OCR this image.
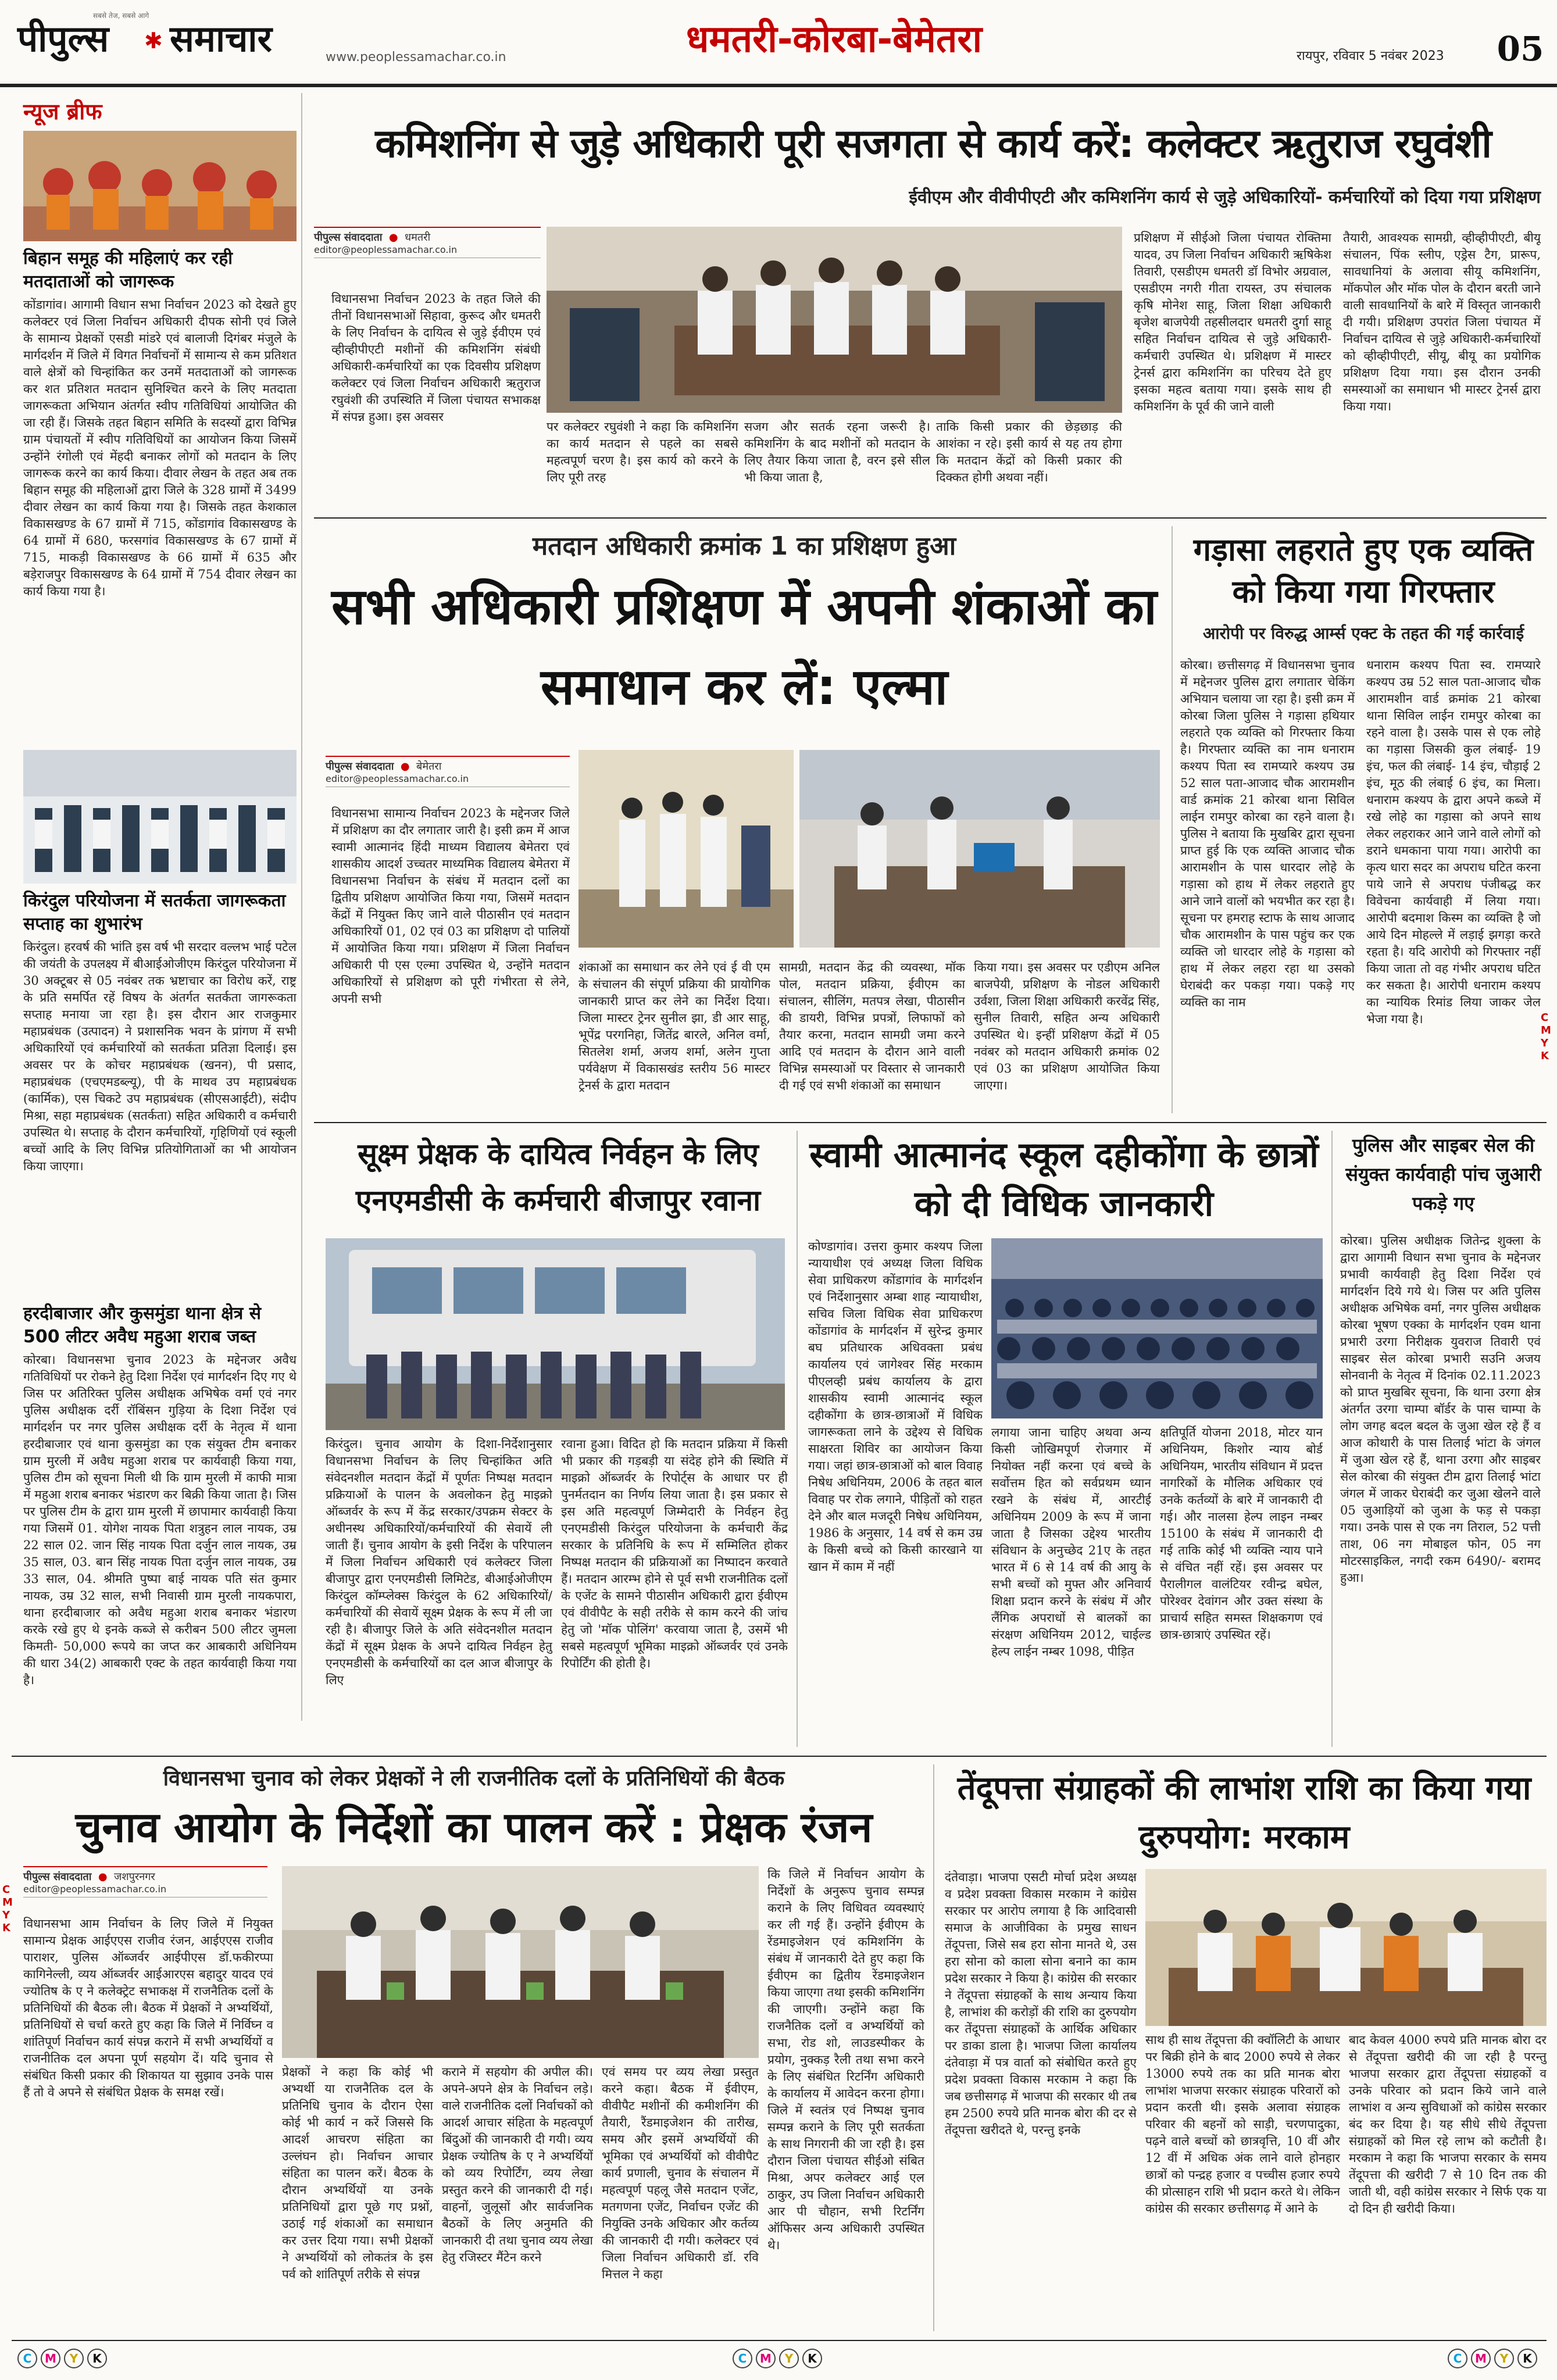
सबसे तेज, सबसे आगे
पीपुल्स ✱ समाचार	www.peoplessamachar.co.in	धमतरी-कोरबा-बेमेतरा	रायपुर, रविवार 5 नवंबर 2023 05
न्यूज ब्रीफ
बिहान समूह की महिलाएं कर रही मतदाताओं को जागरूक
कोंडागांव। आगामी विधान सभा निर्वाचन 2023 को देखते हुए कलेक्टर एवं जिला निर्वाचन अधिकारी दीपक सोनी एवं जिले के सामान्य प्रेक्षकों एसडी मांडरे एवं बालाजी दिगंबर मंजुले के मार्गदर्शन में जिले में विगत निर्वाचनों में सामान्य से कम प्रतिशत वाले क्षेत्रों को चिन्हांकित कर उनमें मतदाताओं को जागरूक कर शत प्रतिशत मतदान सुनिश्चित करने के लिए मतदाता जागरूकता अभियान अंतर्गत स्वीप गतिविधियां आयोजित की जा रही हैं। जिसके तहत बिहान समिति के सदस्यों द्वारा विभिन्न ग्राम पंचायतों में स्वीप गतिविधियों का आयोजन किया जिसमें उन्होंने रंगोली एवं मेंहदी बनाकर लोगों को मतदान के लिए जागरूक करने का कार्य किया। दीवार लेखन के तहत अब तक बिहान समूह की महिलाओं द्वारा जिले के 328 ग्रामों में 3499 दीवार लेखन का कार्य किया गया है। जिसके तहत केशकाल विकासखण्ड के 67 ग्रामों में 715, कोंडागांव विकासखण्ड के 64 ग्रामों में 680, फरसगांव विकासखण्ड के 67 ग्रामों में 715, माकड़ी विकासखण्ड के 66 ग्रामों में 635 और बड़ेराजपुर विकासखण्ड के 64 ग्रामों में 754 दीवार लेखन का कार्य किया गया है।
किरंदुल परियोजना में सतर्कता जागरूकता सप्ताह का शुभारंभ
किरंदुल। हरवर्ष की भांति इस वर्ष भी सरदार वल्लभ भाई पटेल की जयंती के उपलक्ष्य में बीआईओजीएम किरंदुल परियोजना में 30 अक्टूबर से 05 नवंबर तक भ्रष्टाचार का विरोध करें, राष्ट्र के प्रति समर्पित रहें विषय के अंतर्गत सतर्कता जागरूकता सप्ताह मनाया जा रहा है। इस दौरान आर राजकुमार महाप्रबंधक (उत्पादन) ने प्रशासनिक भवन के प्रांगण में सभी अधिकारियों एवं कर्मचारियों को सतर्कता प्रतिज्ञा दिलाई। इस अवसर पर के कोचर महाप्रबंधक (खनन), पी प्रसाद, महाप्रबंधक (एचएमडब्ल्यू), पी के माथव उप महाप्रबंधक (कार्मिक), एस चिकटे उप महाप्रबंधक (सीएसआईटी), संदीप मिश्रा, सहा महाप्रबंधक (सतर्कता) सहित अधिकारी व कर्मचारी उपस्थित थे। सप्ताह के दौरान कर्मचारियों, गृहिणियों एवं स्कूली बच्चों आदि के लिए विभिन्न प्रतियोगिताओं का भी आयोजन किया जाएगा।
हरदीबाजार और कुसमुंडा थाना क्षेत्र से 500 लीटर अवैध महुआ शराब जब्त
कोरबा। विधानसभा चुनाव 2023 के मद्देनजर अवैध गतिविधियों पर रोकने हेतु दिशा निर्देश एवं मार्गदर्शन दिए गए थे जिस पर अतिरिक्त पुलिस अधीक्षक अभिषेक वर्मा एवं नगर पुलिस अधीक्षक दर्री रॉबिंसन गुड़िया के दिशा निर्देश एवं मार्गदर्शन पर नगर पुलिस अधीक्षक दर्री के नेतृत्व में थाना हरदीबाजार एवं थाना कुसमुंडा का एक संयुक्त टीम बनाकर ग्राम मुरली में अवैध महुआ शराब पर कार्यवाही किया गया, पुलिस टीम को सूचना मिली थी कि ग्राम मुरली में काफी मात्रा में महुआ शराब बनाकर भंडारण कर बिक्री किया जाता है। जिस पर पुलिस टीम के द्वारा ग्राम मुरली में छापामार कार्यवाही किया गया जिसमें 01. योगेश नायक पिता शत्रुहन लाल नायक, उम्र 22 साल 02. जान सिंह नायक पिता दर्जुन लाल नायक, उम्र 35 साल, 03. बान सिंह नायक पिता दर्जुन लाल नायक, उम्र 33 साल, 04. श्रीमति पुष्पा बाई नायक पति संत कुमार नायक, उम्र 32 साल, सभी निवासी ग्राम मुरली नायकपारा, थाना हरदीबाजार को अवैध महुआ शराब बनाकर भंडारण करके रखे हुए थे इनके कब्जे से करीबन 500 लीटर जुमला किमती- 50,000 रूपये का जप्त कर आबकारी अधिनियम की धारा 34(2) आबकारी एक्ट के तहत कार्यवाही किया गया है।
कमिशनिंग से जुड़े अधिकारी पूरी सजगता से कार्य करें: कलेक्टर ऋतुराज रघुवंशी
ईवीएम और वीवीपीएटी और कमिशनिंग कार्य से जुड़े अधिकारियों- कर्मचारियों को दिया गया प्रशिक्षण
पीपुल्स संवाददाता  ●  धमतरी
editor@peoplessamachar.co.in
विधानसभा निर्वाचन 2023 के तहत जिले की तीनों विधानसभाओं सिहावा, कुरूद और धमतरी के लिए निर्वाचन के दायित्व से जुड़े ईवीएम एवं व्हीव्हीपीएटी मशीनों की कमिशनिंग संबंधी अधिकारी-कर्मचारियों का एक दिवसीय प्रशिक्षण कलेक्टर एवं जिला निर्वाचन अधिकारी ऋतुराज रघुवंशी की उपस्थिति में जिला पंचायत सभाकक्ष में संपन्न हुआ। इस अवसर
पर कलेक्टर रघुवंशी ने कहा कि कमिशनिंग का कार्य मतदान से पहले का सबसे महत्वपूर्ण चरण है। इस कार्य को करने के लिए पूरी तरह
सजग और सतर्क रहना जरूरी है। कमिशनिंग के बाद मशीनों को मतदान के लिए तैयार किया जाता है, वरन इसे सील भी किया जाता है,
ताकि किसी प्रकार की छेड़छाड़ की आशंका न रहे। इसी कार्य से यह तय होगा कि मतदान केंद्रों को किसी प्रकार की दिक्कत होगी अथवा नहीं।
प्रशिक्षण में सीईओ जिला पंचायत रोक्तिमा यादव, उप जिला निर्वाचन अधिकारी ऋषिकेश तिवारी, एसडीएम धमतरी डॉ विभोर अग्रवाल, एसडीएम नगरी गीता रायस्त, उप संचालक कृषि मोनेश साहू, जिला शिक्षा अधिकारी बृजेश बाजपेयी तहसीलदार धमतरी दुर्गा साहू सहित निर्वाचन दायित्व से जुड़े अधिकारी-कर्मचारी उपस्थित थे। प्रशिक्षण में मास्टर ट्रेनर्स द्वारा कमिशनिंग का परिचय देते हुए इसका महत्व बताया गया। इसके साथ ही कमिशनिंग के पूर्व की जाने वाली
तैयारी, आवश्यक सामग्री, व्हीव्हीपीएटी, बीयू संचालन, पिंक स्लीप, एड्रेस टैग, प्रारूप, सावधानियां के अलावा सीयू कमिशनिंग, मॉकपोल और मॉक पोल के दौरान बरती जाने वाली सावधानियों के बारे में विस्तृत जानकारी दी गयी। प्रशिक्षण उपरांत जिला पंचायत में निर्वाचन दायित्व से जुड़े अधिकारी-कर्मचारियों को व्हीव्हीपीएटी, सीयू, बीयू का प्रयोगिक प्रशिक्षण दिया गया। इस दौरान उनकी समस्याओं का समाधान भी मास्टर ट्रेनर्स द्वारा किया गया।
मतदान अधिकारी क्रमांक 1 का प्रशिक्षण हुआ
सभी अधिकारी प्रशिक्षण में अपनी शंकाओं का समाधान कर लें: एल्मा
पीपुल्स संवाददाता  ●  बेमेतरा
editor@peoplessamachar.co.in
विधानसभा सामान्य निर्वाचन 2023 के मद्देनजर जिले में प्रशिक्षण का दौर लगातार जारी है। इसी क्रम में आज स्वामी आत्मानंद हिंदी माध्यम विद्यालय बेमेतरा एवं शासकीय आदर्श उच्चतर माध्यमिक विद्यालय बेमेतरा में विधानसभा निर्वाचन के संबंध में मतदान दलों का द्वितीय प्रशिक्षण आयोजित किया गया, जिसमें मतदान केंद्रों में नियुक्त किए जाने वाले पीठासीन एवं मतदान अधिकारियों 01, 02 एवं 03 का प्रशिक्षण दो पालियों में आयोजित किया गया। प्रशिक्षण में जिला निर्वाचन अधिकारी पी एस एल्मा उपस्थित थे, उन्होंने मतदान अधिकारियों से प्रशिक्षण को पूरी गंभीरता से लेने, अपनी सभी
शंकाओं का समाधान कर लेने एवं ई वी एम के संचालन की संपूर्ण प्रक्रिया की प्रायोगिक जानकारी प्राप्त कर लेने का निर्देश दिया। जिला मास्टर ट्रेनर सुनील झा, डी आर साहू, भूपेंद्र परगनिहा, जितेंद्र बारले, अनिल वर्मा, सितलेश शर्मा, अजय शर्मा, अलेन गुप्ता पर्यवेक्षण में विकासखंड स्तरीय 56 मास्टर ट्रेनर्स के द्वारा मतदान
सामग्री, मतदान केंद्र की व्यवस्था, मॉक पोल, मतदान प्रक्रिया, ईवीएम का संचालन, सीलिंग, मतपत्र लेखा, पीठासीन की डायरी, विभिन्न प्रपत्रों, लिफाफों को तैयार करना, मतदान सामग्री जमा करने आदि एवं मतदान के दौरान आने वाली विभिन्न समस्याओं पर विस्तार से जानकारी दी गई एवं सभी शंकाओं का समाधान
किया गया। इस अवसर पर एडीएम अनिल बाजपेयी, प्रशिक्षण के नोडल अधिकारी उर्वशा, जिला शिक्षा अधिकारी करवेंद्र सिंह, सुनील तिवारी, सहित अन्य अधिकारी उपस्थित थे। इन्हीं प्रशिक्षण केंद्रों में 05 नवंबर को मतदान अधिकारी क्रमांक 02 एवं 03 का प्रशिक्षण आयोजित किया जाएगा।
गड़ासा लहराते हुए एक व्यक्ति को किया गया गिरफ्तार
आरोपी पर विरुद्ध आर्म्स एक्ट के तहत की गई कार्रवाई
कोरबा। छत्तीसगढ़ में विधानसभा चुनाव में मद्देनजर पुलिस द्वारा लगातार चेकिंग अभियान चलाया जा रहा है। इसी क्रम में कोरबा जिला पुलिस ने गड़ासा हथियार लहराते एक व्यक्ति को गिरफ्तार किया है। गिरफ्तार व्यक्ति का नाम धनाराम कश्यप पिता स्व रामप्यारे कश्यप उम्र 52 साल पता-आजाद चौक आरामशीन वार्ड क्रमांक 21 कोरबा थाना सिविल लाईन रामपुर कोरबा का रहने वाला है। पुलिस ने बताया कि मुखबिर द्वारा सूचना प्राप्त हुई कि एक व्यक्ति आजाद चौक आरामशीन के पास धारदार लोहे के गड़ासा को हाथ में लेकर लहराते हुए आने जाने वालों को भयभीत कर रहा है। सूचना पर हमराह स्टाफ के साथ आजाद चौक आरामशीन के पास पहुंच कर एक व्यक्ति जो धारदार लोहे के गड़ासा को हाथ में लेकर लहरा रहा था उसको घेराबंदी कर पकड़ा गया। पकड़े गए व्यक्ति का नाम
धनाराम कश्यप पिता स्व. रामप्यारे कश्यप उम्र 52 साल पता-आजाद चौक आरामशीन वार्ड क्रमांक 21 कोरबा थाना सिविल लाईन रामपुर कोरबा का रहने वाला है। उसके पास से एक लोहे का गड़ासा जिसकी कुल लंबाई- 19 इंच, फल की लंबाई- 14 इंच, चौड़ाई 2 इंच, मूठ की लंबाई 6 इंच, का मिला। धनाराम कश्यप के द्वारा अपने कब्जे में रखे लोहे का गड़ासा को अपने साथ लेकर लहराकर आने जाने वाले लोगों को डराने धमकाना पाया गया। आरोपी का कृत्य धारा सदर का अपराध घटित करना पाये जाने से अपराध पंजीबद्ध कर विवेचना कार्यवाही में लिया गया। आरोपी बदमाश किस्म का व्यक्ति है जो आये दिन मोहल्ले में लड़ाई झगड़ा करते रहता है। यदि आरोपी को गिरफ्तार नहीं किया जाता तो वह गंभीर अपराध घटित कर सकता है। आरोपी धनाराम कश्यप का न्यायिक रिमांड लिया जाकर जेल भेजा गया है।
सूक्ष्म प्रेक्षक के दायित्व निर्वहन के लिए एनएमडीसी के कर्मचारी बीजापुर रवाना
किरंदुल। चुनाव आयोग के दिशा-निर्देशानुसार विधानसभा निर्वाचन के लिए चिन्हांकित अति संवेदनशील मतदान केंद्रों में पूर्णतः निष्पक्ष मतदान प्रक्रियाओं के पालन के अवलोकन हेतु माइक्रो ऑब्जर्वर के रूप में केंद्र सरकार/उपक्रम सेक्टर के अधीनस्थ अधिकारियों/कर्मचारियों की सेवायें ली जाती हैं। चुनाव आयोग के इसी निर्देश के परिपालन में जिला निर्वाचन अधिकारी एवं कलेक्टर जिला बीजापुर द्वारा एनएमडीसी लिमिटेड, बीआईओजीएम किरंदुल कॉम्प्लेक्स किरंदुल के 62 अधिकारियों/कर्मचारियों की सेवायें सूक्ष्म प्रेक्षक के रूप में ली जा रही है। बीजापुर जिले के अति संवेदनशील मतदान केंद्रों में सूक्ष्म प्रेक्षक के अपने दायित्व निर्वहन हेतु एनएमडीसी के कर्मचारियों का दल आज बीजापुर के लिए
रवाना हुआ। विदित हो कि मतदान प्रक्रिया में किसी भी प्रकार की गड़बड़ी या संदेह होने की स्थिति में माइक्रो ऑब्जर्वर के रिपोर्ट्स के आधार पर ही पुनर्मतदान का निर्णय लिया जाता है। इस प्रकार से इस अति महत्वपूर्ण जिम्मेदारी के निर्वहन हेतु एनएमडीसी किरंदुल परियोजना के कर्मचारी केंद्र सरकार के प्रतिनिधि के रूप में सम्मिलित होकर निष्पक्ष मतदान की प्रक्रियाओं का निष्पादन करवाते हैं। मतदान आरम्भ होने से पूर्व सभी राजनीतिक दलों के एजेंट के सामने पीठासीन अधिकारी द्वारा ईवीएम एवं वीवीपैट के सही तरीके से काम करने की जांच हेतु जो 'मॉक पोलिंग' करवाया जाता है, उसमें भी सबसे महत्वपूर्ण भूमिका माइक्रो ऑब्जर्वर एवं उनके रिपोर्टिंग की होती है।
स्वामी आत्मानंद स्कूल दहीकोंगा के छात्रों को दी विधिक जानकारी
कोण्डागांव। उत्तरा कुमार कश्यप जिला न्यायाधीश एवं अध्यक्ष जिला विधिक सेवा प्राधिकरण कोंडागांव के मार्गदर्शन एवं निर्देशानुसार अम्बा शाह न्यायाधीश, सचिव जिला विधिक सेवा प्राधिकरण कोंडागांव के मार्गदर्शन में सुरेन्द्र कुमार बघ प्रतिधारक अधिवक्ता प्रबंध कार्यालय एवं जागेश्वर सिंह मरकाम पीएलव्ही प्रबंध कार्यालय के द्वारा शासकीय स्वामी आत्मानंद स्कूल दहीकोंगा के छात्र-छात्राओं में विधिक जागरूकता लाने के उद्देश्य से विधिक साक्षरता शिविर का आयोजन किया गया। जहां छात्र-छात्राओं को बाल विवाह निषेध अधिनियम, 2006 के तहत बाल विवाह पर रोक लगाने, पीड़ितों को राहत देने और बाल मजदूरी निषेध अधिनियम, 1986 के अनुसार, 14 वर्ष से कम उम्र के किसी बच्चे को किसी कारखाने या खान में काम में नहीं
लगाया जाना चाहिए अथवा अन्य किसी जोखिमपूर्ण रोजगार में नियोक्त नहीं करना एवं बच्चे के सर्वोत्तम हित को सर्वप्रथम ध्यान रखने के संबंध में, आरटीई अधिनियम 2009 के रूप में जाना जाता है जिसका उद्देश्य भारतीय संविधान के अनुच्छेद 21ए के तहत भारत में 6 से 14 वर्ष की आयु के सभी बच्चों को मुफ्त और अनिवार्य शिक्षा प्रदान करने के संबंध में और लैंगिक अपराधों से बालकों का संरक्षण अधिनियम 2012, चाईल्ड हेल्प लाईन नम्बर 1098, पीड़ित
क्षतिपूर्ति योजना 2018, मोटर यान अधिनियम, किशोर न्याय बोर्ड अधिनियम, भारतीय संविधान में प्रदत्त नागरिकों के मौलिक अधिकार एवं उनके कर्तव्यों के बारे में जानकारी दी गई। और नालसा हेल्प लाइन नम्बर 15100 के संबंध में जानकारी दी गई ताकि कोई भी व्यक्ति न्याय पाने से वंचित नहीं रहें। इस अवसर पर पैरालीगल वालंटियर रवीन्द्र बघेल, पोरेश्वर देवांगन और उक्त संस्था के प्राचार्य सहित समस्त शिक्षकगण एवं छात्र-छात्राएं उपस्थित रहें।
पुलिस और साइबर सेल की संयुक्त कार्यवाही पांच जुआरी पकड़े गए
कोरबा। पुलिस अधीक्षक जितेन्द्र शुक्ला के द्वारा आगामी विधान सभा चुनाव के मद्देनजर प्रभावी कार्यवाही हेतु दिशा निर्देश एवं मार्गदर्शन दिये गये थे। जिस पर अति पुलिस अधीक्षक अभिषेक वर्मा, नगर पुलिस अधीक्षक कोरबा भूषण एक्का के मार्गदर्शन एवम थाना प्रभारी उरगा निरीक्षक युवराज तिवारी एवं साइबर सेल कोरबा प्रभारी सउनि अजय सोनवानी के नेतृत्व में दिनांक 02.11.2023 को प्राप्त मुखबिर सूचना, कि थाना उरगा क्षेत्र अंतर्गत उरगा चाम्पा बॉर्डर के पास चाम्पा के लोग जगह बदल बदल के जुआ खेल रहे हैं व आज कोथारी के पास तिलाई भांटा के जंगल में जुआ खेल रहे हैं, थाना उरगा और साइबर सेल कोरबा की संयुक्त टीम द्वारा तिलाई भांटा जंगल में जाकर घेराबंदी कर जुआ खेलने वाले 05 जुआड़ियों को जुआ के फड़ से पकड़ा गया। उनके पास से एक नग तिराल, 52 पत्ती ताश, 06 नग मोबाइल फोन, 05 नग मोटरसाइकिल, नगदी रकम 6490/- बरामद हुआ।
विधानसभा चुनाव को लेकर प्रेक्षकों ने ली राजनीतिक दलों के प्रतिनिधियों की बैठक
चुनाव आयोग के निर्देशों का पालन करें : प्रेक्षक रंजन
पीपुल्स संवाददाता  ●  जशपुरनगर
editor@peoplessamachar.co.in
विधानसभा आम निर्वाचन के लिए जिले में नियुक्त सामान्य प्रेक्षक आईएएस राजीव रंजन, आईएएस राजीव पाराशर, पुलिस ऑब्जर्वर आईपीएस डॉ.फकीरप्पा कागिनेल्ली, व्यय ऑब्जर्वर आईआरएस बहादुर यादव एवं ज्योतिष के ए ने कलेक्ट्रेट सभाकक्ष में राजनैतिक दलों के प्रतिनिधियों की बैठक ली। बैठक में प्रेक्षकों ने अभ्यर्थियों, प्रतिनिधियों से चर्चा करते हुए कहा कि जिले में निर्विघ्न व शांतिपूर्ण निर्वाचन कार्य संपन्न कराने में सभी अभ्यर्थियों व राजनीतिक दल अपना पूर्ण सहयोग दें। यदि चुनाव से संबंधित किसी प्रकार की शिकायत या सुझाव उनके पास हैं तो वे अपने से संबंधित प्रेक्षक के समक्ष रखें।
प्रेक्षकों ने कहा कि कोई भी अभ्यर्थी या राजनैतिक दल के प्रतिनिधि चुनाव के दौरान ऐसा कोई भी कार्य न करें जिससे कि आदर्श आचरण संहिता का उल्लंघन हो। निर्वाचन आचार संहिता का पालन करें। बैठक के दौरान अभ्यर्थियों या उनके प्रतिनिधियों द्वारा पूछे गए प्रश्नों, उठाई गई शंकाओं का समाधान कर उत्तर दिया गया। सभी प्रेक्षकों ने अभ्यर्थियों को लोकतंत्र के इस पर्व को शांतिपूर्ण तरीके से संपन्न
कराने में सहयोग की अपील की। अपने-अपने क्षेत्र के निर्वाचन लड़े। वाले राजनीतिक दलों निर्वाचकों को आदर्श आचार संहिता के महत्वपूर्ण बिंदुओं की जानकारी दी गयी। व्यय प्रेक्षक ज्योतिष के ए ने अभ्यर्थियों को व्यय रिपोर्टिंग, व्यय लेखा प्रस्तुत करने की जानकारी दी गई। वाहनों, जुलूसों और सार्वजनिक बैठकों के लिए अनुमति की जानकारी दी तथा चुनाव व्यय लेखा हेतु रजिस्टर मैंटेन करने
एवं समय पर व्यय लेखा प्रस्तुत करने कहा। बैठक में ईवीएम, वीवीपैट मशीनों की कमीशनिंग की तैयारी, रैंडमाइजेशन की तारीख, समय और इसमें अभ्यर्थियों की भूमिका एवं अभ्यर्थियों को वीवीपैट कार्य प्रणाली, चुनाव के संचालन में महत्वपूर्ण पहलू जैसे मतदान एजेंट, मतगणना एजेंट, निर्वाचन एजेंट की नियुक्ति उनके अधिकार और कर्तव्य की जानकारी दी गयी। कलेक्टर एवं जिला निर्वाचन अधिकारी डॉ. रवि मित्तल ने कहा
कि जिले में निर्वाचन आयोग के निर्देशों के अनुरूप चुनाव सम्पन्न कराने के लिए विधिवत व्यवस्थाएं कर ली गई हैं। उन्होंने ईवीएम के रेंडमाइजेशन एवं कमिशनिंग के संबंध में जानकारी देते हुए कहा कि ईवीएम का द्वितीय रेंडमाइजेशन किया जाएगा तथा इसकी कमिशनिंग की जाएगी। उन्होंने कहा कि राजनैतिक दलों व अभ्यर्थियों को सभा, रोड शो, लाउडस्पीकर के प्रयोग, नुक्कड़ रैली तथा सभा करने के लिए संबंधित रिटर्निंग अधिकारी के कार्यालय में आवेदन करना होगा। जिले में स्वतंत्र एवं निष्पक्ष चुनाव सम्पन्न कराने के लिए पूरी सतर्कता के साथ निगरानी की जा रही है। इस दौरान जिला पंचायत सीईओ संबित मिश्रा, अपर कलेक्टर आई एल ठाकुर, उप जिला निर्वाचन अधिकारी आर पी चौहान, सभी रिटर्निंग ऑफिसर अन्य अधिकारी उपस्थित थे।
तेंदूपत्ता संग्राहकों की लाभांश राशि का किया गया दुरुपयोग: मरकाम
दंतेवाड़ा। भाजपा एसटी मोर्चा प्रदेश अध्यक्ष व प्रदेश प्रवक्ता विकास मरकाम ने कांग्रेस सरकार पर आरोप लगाया है कि आदिवासी समाज के आजीविका के प्रमुख साधन तेंदूपत्ता, जिसे सब हरा सोना मानते थे, उस हरा सोना को काला सोना बनाने का काम प्रदेश सरकार ने किया है। कांग्रेस की सरकार ने तेंदूपत्ता संग्राहकों के साथ अन्याय किया है, लाभांश की करोड़ों की राशि का दुरुपयोग कर तेंदूपत्ता संग्राहकों के आर्थिक अधिकार पर डाका डाला है। भाजपा जिला कार्यालय दंतेवाड़ा में पत्र वार्ता को संबोधित करते हुए प्रदेश प्रवक्ता विकास मरकाम ने कहा कि जब छत्तीसगढ़ में भाजपा की सरकार थी तब हम 2500 रुपये प्रति मानक बोरा की दर से तेंदूपत्ता खरीदते थे, परन्तु इनके
साथ ही साथ तेंदूपत्ता की क्वॉलिटी के आधार पर बिक्री होने के बाद 2000 रुपये से लेकर 13000 रुपये तक का प्रति मानक बोरा लाभांश भाजपा सरकार संग्राहक परिवारों को प्रदान करती थी। इसके अलावा संग्राहक परिवार की बहनों को साड़ी, चरणपादुका, पढ़ने वाले बच्चों को छात्रवृत्ति, 10 वीं और 12 वीं में अधिक अंक लाने वाले होनहार छात्रों को पन्द्रह हजार व पच्चीस हजार रुपये की प्रोत्साहन राशि भी प्रदान करते थे। लेकिन कांग्रेस की सरकार छत्तीसगढ़ में आने के
बाद केवल 4000 रुपये प्रति मानक बोरा दर से तेंदूपत्ता खरीदी की जा रही है परन्तु भाजपा सरकार द्वारा तेंदूपत्ता संग्राहकों व उनके परिवार को प्रदान किये जाने वाले लाभांश व अन्य सुविधाओं को कांग्रेस सरकार बंद कर दिया है। यह सीधे सीधे तेंदूपत्ता संग्राहकों को मिल रहे लाभ को कटौती है। मरकाम ने कहा कि भाजपा सरकार के समय तेंदूपत्ता की खरीदी 7 से 10 दिन तक की जाती थी, वही कांग्रेस सरकार ने सिर्फ एक या दो दिन ही खरीदी किया।
C	M	Y	K	C	M	Y	K	C	M	Y	K
CMYK
CMYK
